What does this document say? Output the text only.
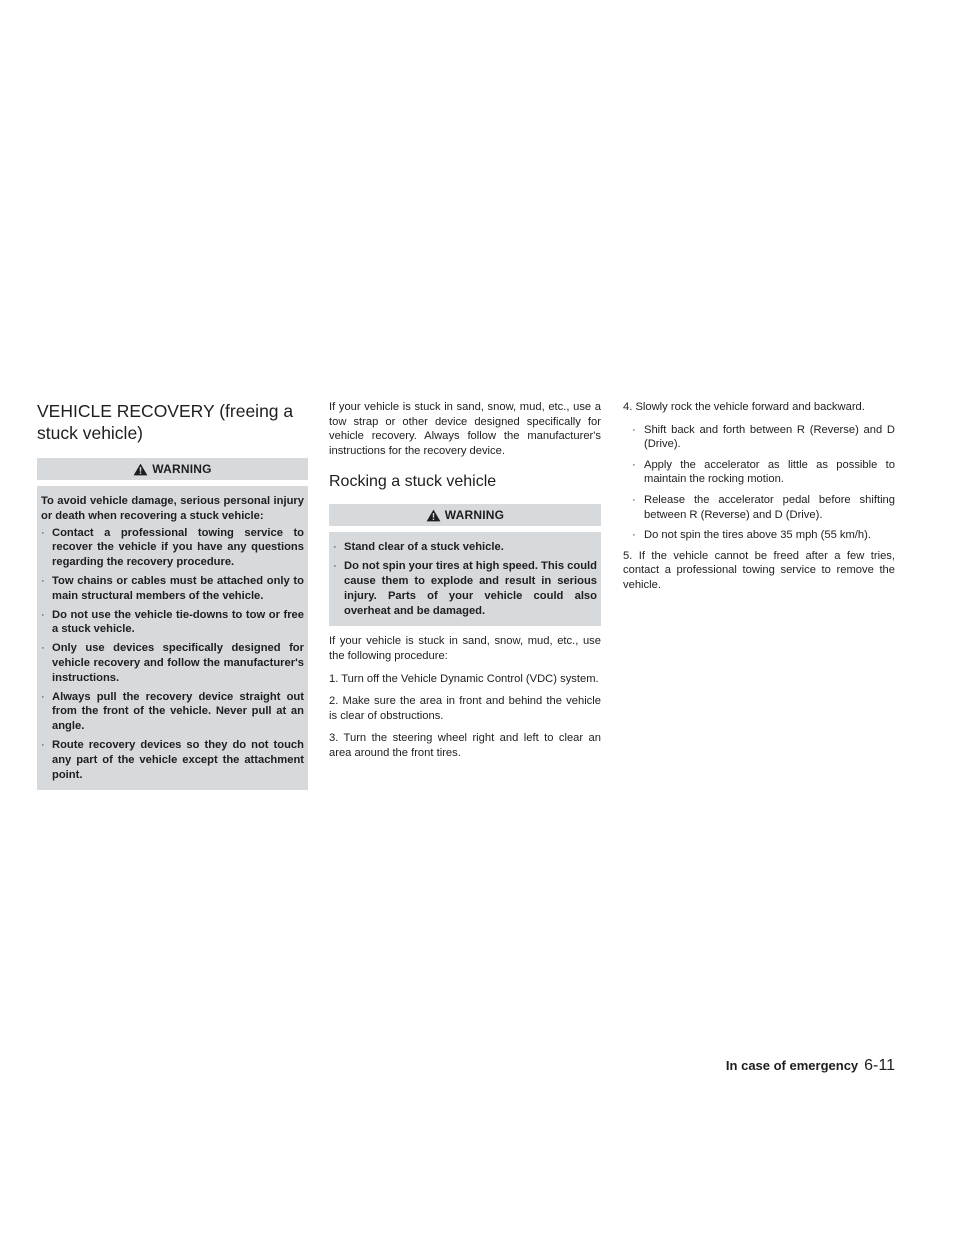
VEHICLE RECOVERY (freeing a stuck vehicle)
WARNING

To avoid vehicle damage, serious personal injury or death when recovering a stuck vehicle:

· Contact a professional towing service to recover the vehicle if you have any questions regarding the recovery procedure.
· Tow chains or cables must be attached only to main structural members of the vehicle.
· Do not use the vehicle tie-downs to tow or free a stuck vehicle.
· Only use devices specifically designed for vehicle recovery and follow the manufacturer's instructions.
· Always pull the recovery device straight out from the front of the vehicle. Never pull at an angle.
· Route recovery devices so they do not touch any part of the vehicle except the attachment point.

If your vehicle is stuck in sand, snow, mud, etc., use a tow strap or other device designed specifically for vehicle recovery. Always follow the manufacturer's instructions for the recovery device.

Rocking a stuck vehicle
WARNING
· Stand clear of a stuck vehicle.
· Do not spin your tires at high speed. This could cause them to explode and result in serious injury. Parts of your vehicle could also overheat and be damaged.

If your vehicle is stuck in sand, snow, mud, etc., use the following procedure:

1. Turn off the Vehicle Dynamic Control (VDC) system.
2. Make sure the area in front and behind the vehicle is clear of obstructions.
3. Turn the steering wheel right and left to clear an area around the front tires.
4. Slowly rock the vehicle forward and backward.
· Shift back and forth between R (Reverse) and D (Drive).
· Apply the accelerator as little as possible to maintain the rocking motion.
· Release the accelerator pedal before shifting between R (Reverse) and D (Drive).
· Do not spin the tires above 35 mph (55 km/h).
5. If the vehicle cannot be freed after a few tries, contact a professional towing service to remove the vehicle.
In case of emergency 6-11
